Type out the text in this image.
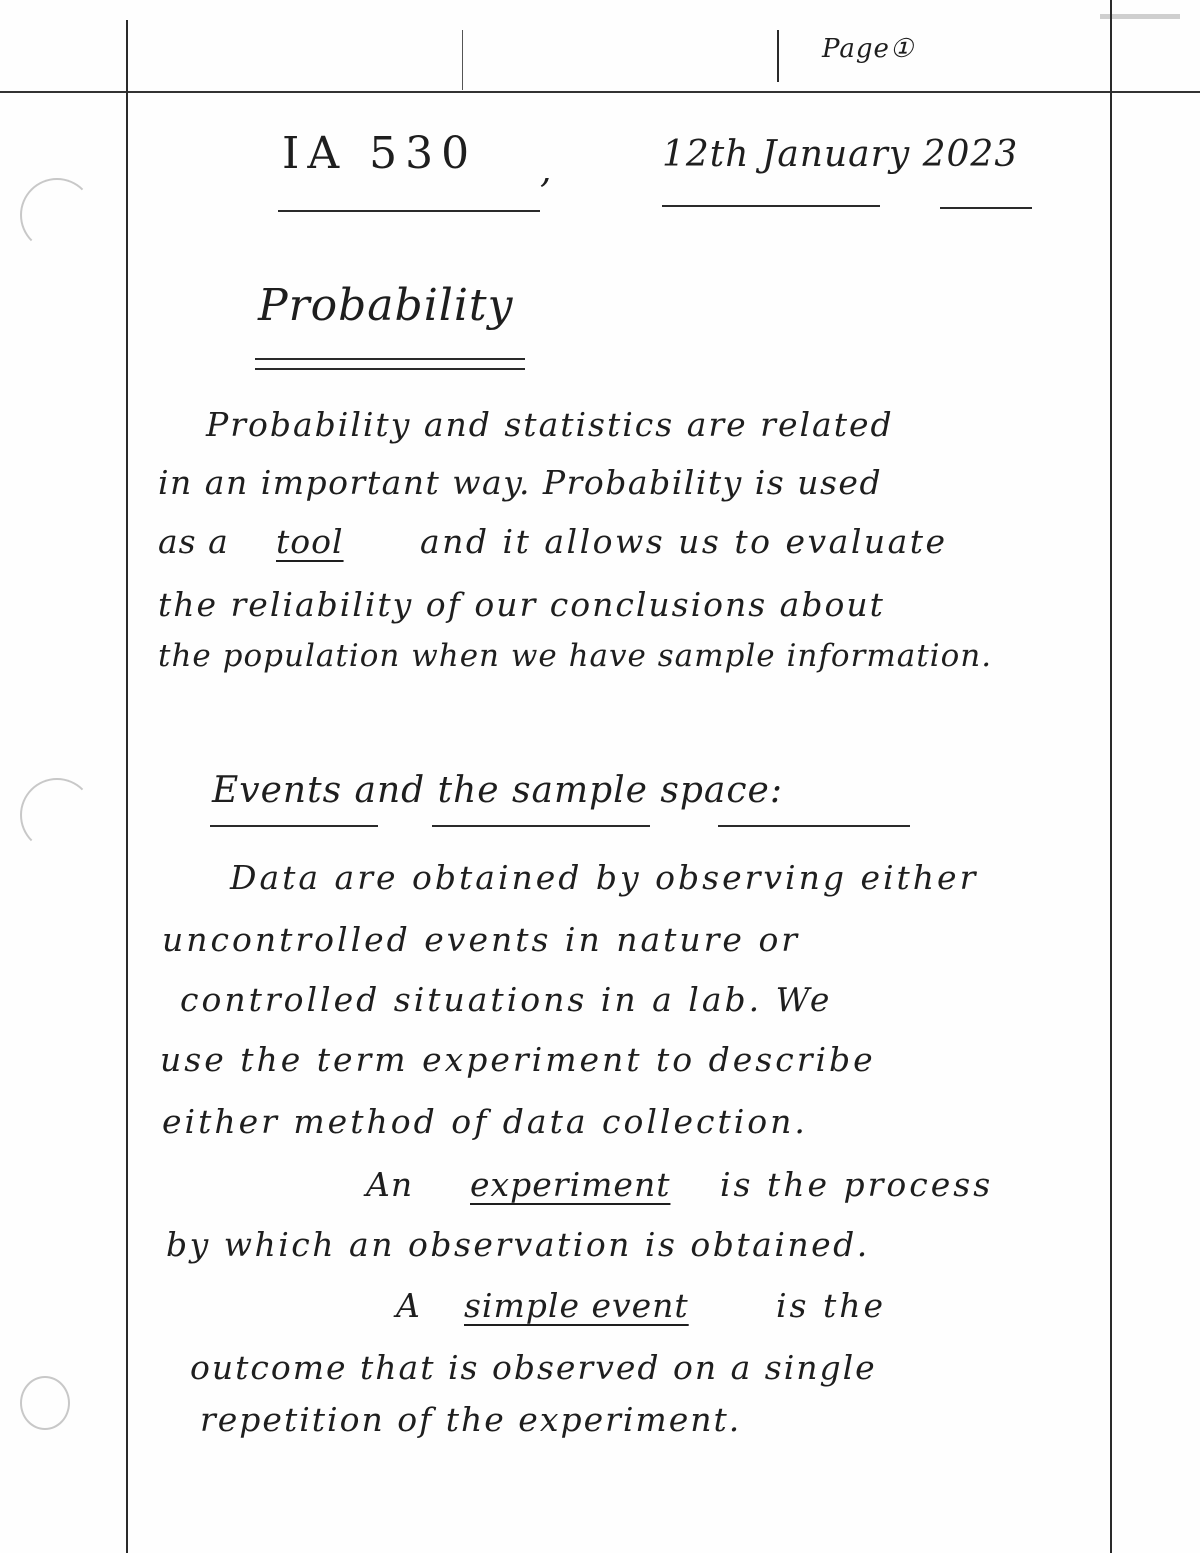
Page①
IA 530 ,	12th January 2023
Probability
Probability and statistics are related
in an important way. Probability is used
as a tool and it allows us to evaluate
the reliability of our conclusions about
the population when we have sample information.
Events and the sample space:
Data are obtained by observing either
uncontrolled events in nature or
controlled situations in a lab. We
use the term experiment to describe
either method of data collection.
An experiment is the process
by which an observation is obtained.
A simple event	is the
outcome that is observed on a single
repetition of the experiment.
